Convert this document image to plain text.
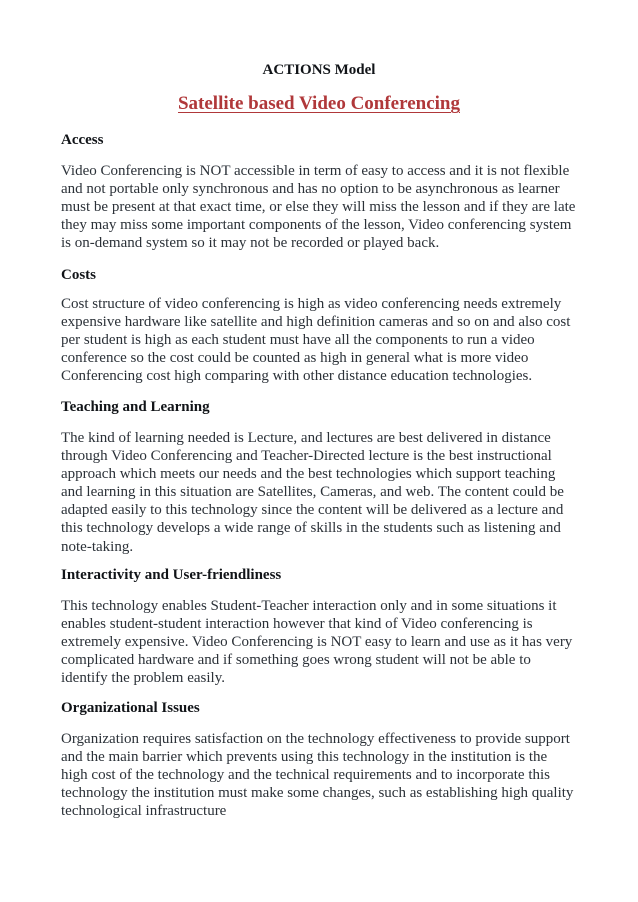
ACTIONS Model
Satellite based Video Conferencing
Access
Video Conferencing is NOT accessible in term of easy to access and it is not flexible
and not portable only synchronous and has no option to be asynchronous as learner
must be present at that exact time, or else they will miss the lesson and if they are late
they may miss some important components of the lesson, Video conferencing system
is on-demand system so it may not be recorded or played back.
Costs
Cost structure of video conferencing is high as video conferencing needs extremely
expensive hardware like satellite and high definition cameras and so on and also cost
per student is high as each student must have all the components to run a video
conference so the cost could be counted as high in general what is more video
Conferencing cost high comparing with other distance education technologies.
Teaching and Learning
The kind of learning needed is Lecture, and lectures are best delivered in distance
through Video Conferencing and Teacher-Directed lecture is the best instructional
approach which meets our needs and the best technologies which support teaching
and learning in this situation are Satellites, Cameras, and web. The content could be
adapted easily to this technology since the content will be delivered as a lecture and
this technology develops a wide range of skills in the students such as listening and
note-taking.
Interactivity and User-friendliness
This technology enables Student-Teacher interaction only and in some situations it
enables student-student interaction however that kind of Video conferencing is
extremely expensive. Video Conferencing is NOT easy to learn and use as it has very
complicated hardware and if something goes wrong student will not be able to
identify the problem easily.
Organizational Issues
Organization requires satisfaction on the technology effectiveness to provide support
and the main barrier which prevents using this technology in the institution is the
high cost of the technology and the technical requirements and to incorporate this
technology the institution must make some changes, such as establishing high quality
technological infrastructure
